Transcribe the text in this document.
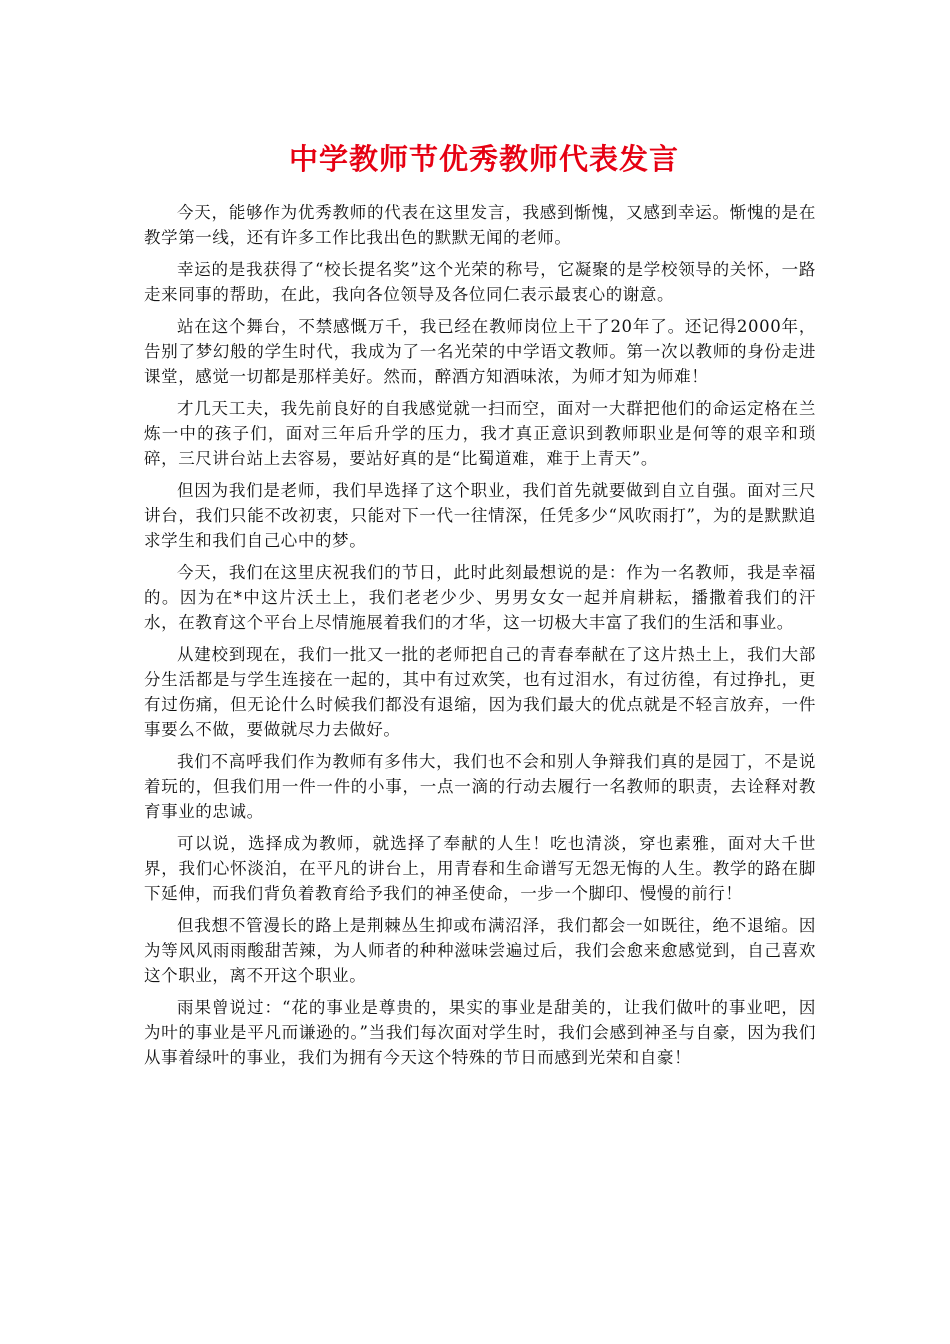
中学教师节优秀教师代表发言

今天，能够作为优秀教师的代表在这里发言，我感到惭愧，又感到幸运。惭愧的是在教学第一线，还有许多工作比我出色的默默无闻的老师。

幸运的是我获得了“校长提名奖”这个光荣的称号，它凝聚的是学校领导的关怀，一路走来同事的帮助，在此，我向各位领导及各位同仁表示最衷心的谢意。

站在这个舞台，不禁感慨万千，我已经在教师岗位上干了20年了。还记得2000年，告别了梦幻般的学生时代，我成为了一名光荣的中学语文教师。第一次以教师的身份走进课堂，感觉一切都是那样美好。然而，醉酒方知酒味浓，为师才知为师难！

才几天工夫，我先前良好的自我感觉就一扫而空，面对一大群把他们的命运定格在兰炼一中的孩子们，面对三年后升学的压力，我才真正意识到教师职业是何等的艰辛和琐碎，三尺讲台站上去容易，要站好真的是“比蜀道难，难于上青天”。

但因为我们是老师，我们早选择了这个职业，我们首先就要做到自立自强。面对三尺讲台，我们只能不改初衷，只能对下一代一往情深，任凭多少“风吹雨打”，为的是默默追求学生和我们自己心中的梦。

今天，我们在这里庆祝我们的节日，此时此刻最想说的是：作为一名教师，我是幸福的。因为在*中这片沃土上，我们老老少少、男男女女一起并肩耕耘，播撒着我们的汗水，在教育这个平台上尽情施展着我们的才华，这一切极大丰富了我们的生活和事业。

从建校到现在，我们一批又一批的老师把自己的青春奉献在了这片热土上，我们大部分生活都是与学生连接在一起的，其中有过欢笑，也有过泪水，有过彷徨，有过挣扎，更有过伤痛，但无论什么时候我们都没有退缩，因为我们最大的优点就是不轻言放弃，一件事要么不做，要做就尽力去做好。

我们不高呼我们作为教师有多伟大，我们也不会和别人争辩我们真的是园丁，不是说着玩的，但我们用一件一件的小事，一点一滴的行动去履行一名教师的职责，去诠释对教育事业的忠诚。

可以说，选择成为教师，就选择了奉献的人生！吃也清淡，穿也素雅，面对大千世界，我们心怀淡泊，在平凡的讲台上，用青春和生命谱写无怨无悔的人生。教学的路在脚下延伸，而我们背负着教育给予我们的神圣使命，一步一个脚印、慢慢的前行！

但我想不管漫长的路上是荆棘丛生抑或布满沼泽，我们都会一如既往，绝不退缩。因为等风风雨雨酸甜苦辣，为人师者的种种滋味尝遍过后，我们会愈来愈感觉到，自己喜欢这个职业，离不开这个职业。

雨果曾说过：“花的事业是尊贵的，果实的事业是甜美的，让我们做叶的事业吧，因为叶的事业是平凡而谦逊的。”当我们每次面对学生时，我们会感到神圣与自豪，因为我们从事着绿叶的事业，我们为拥有今天这个特殊的节日而感到光荣和自豪！
